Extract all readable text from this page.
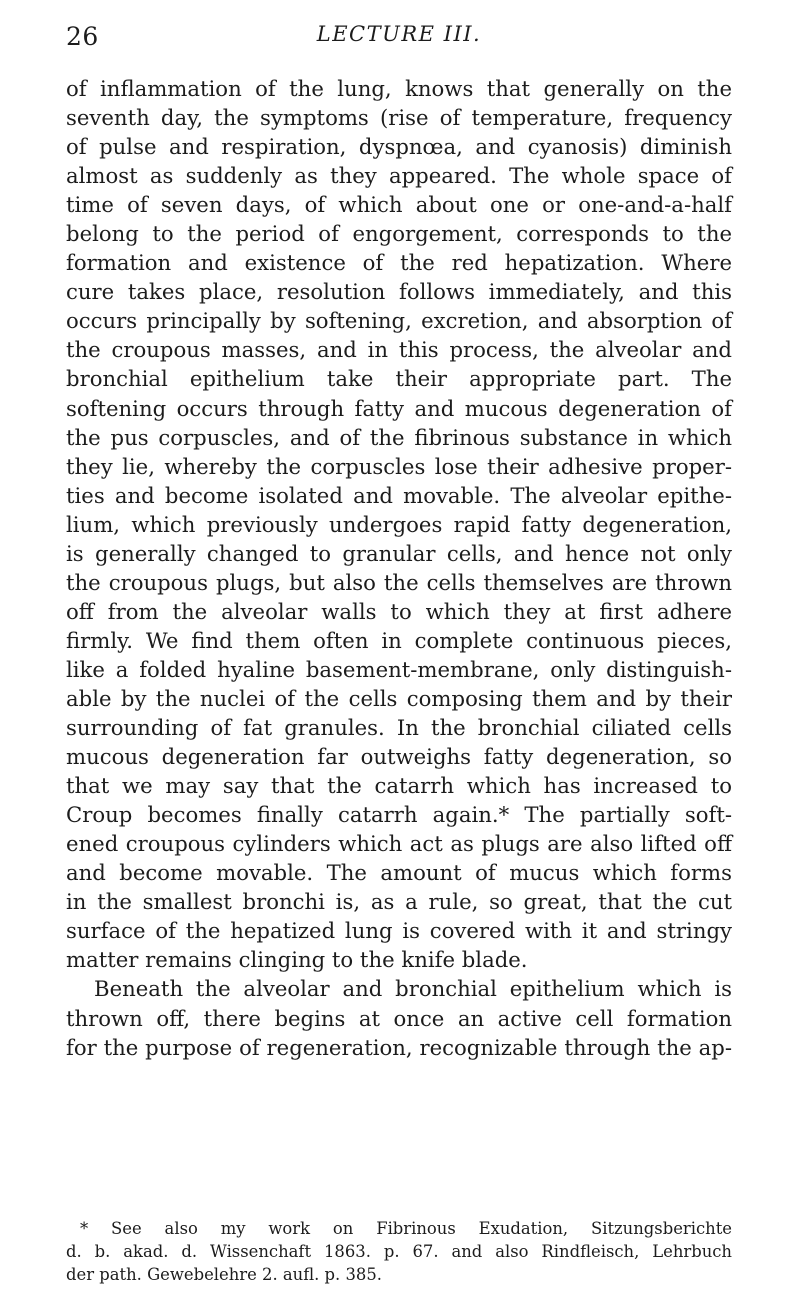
26	LECTURE III.
of inflammation of the lung, knows that generally on the
seventh day, the symptoms (rise of temperature, frequency
of pulse and respiration, dyspnœa, and cyanosis) diminish
almost as suddenly as they appeared. The whole space of
time of seven days, of which about one or one-and-a-half
belong to the period of engorgement, corresponds to the
formation and existence of the red hepatization. Where
cure takes place, resolution follows immediately, and this
occurs principally by softening, excretion, and absorption of
the croupous masses, and in this process, the alveolar and
bronchial epithelium take their appropriate part. The
softening occurs through fatty and mucous degeneration of
the pus corpuscles, and of the fibrinous substance in which
they lie, whereby the corpuscles lose their adhesive proper-
ties and become isolated and movable. The alveolar epithe-
lium, which previously undergoes rapid fatty degeneration,
is generally changed to granular cells, and hence not only
the croupous plugs, but also the cells themselves are thrown
off from the alveolar walls to which they at first adhere
firmly. We find them often in complete continuous pieces,
like a folded hyaline basement-membrane, only distinguish-
able by the nuclei of the cells composing them and by their
surrounding of fat granules. In the bronchial ciliated cells
mucous degeneration far outweighs fatty degeneration, so
that we may say that the catarrh which has increased to
Croup becomes finally catarrh again.* The partially soft-
ened croupous cylinders which act as plugs are also lifted off
and become movable. The amount of mucus which forms
in the smallest bronchi is, as a rule, so great, that the cut
surface of the hepatized lung is covered with it and stringy
matter remains clinging to the knife blade.
Beneath the alveolar and bronchial epithelium which is
thrown off, there begins at once an active cell formation
for the purpose of regeneration, recognizable through the ap-
* See also my work on Fibrinous Exudation, Sitzungsberichte
d. b. akad. d. Wissenchaft 1863. p. 67. and also Rindfleisch, Lehrbuch
der path. Gewebelehre 2. aufl. p. 385.
